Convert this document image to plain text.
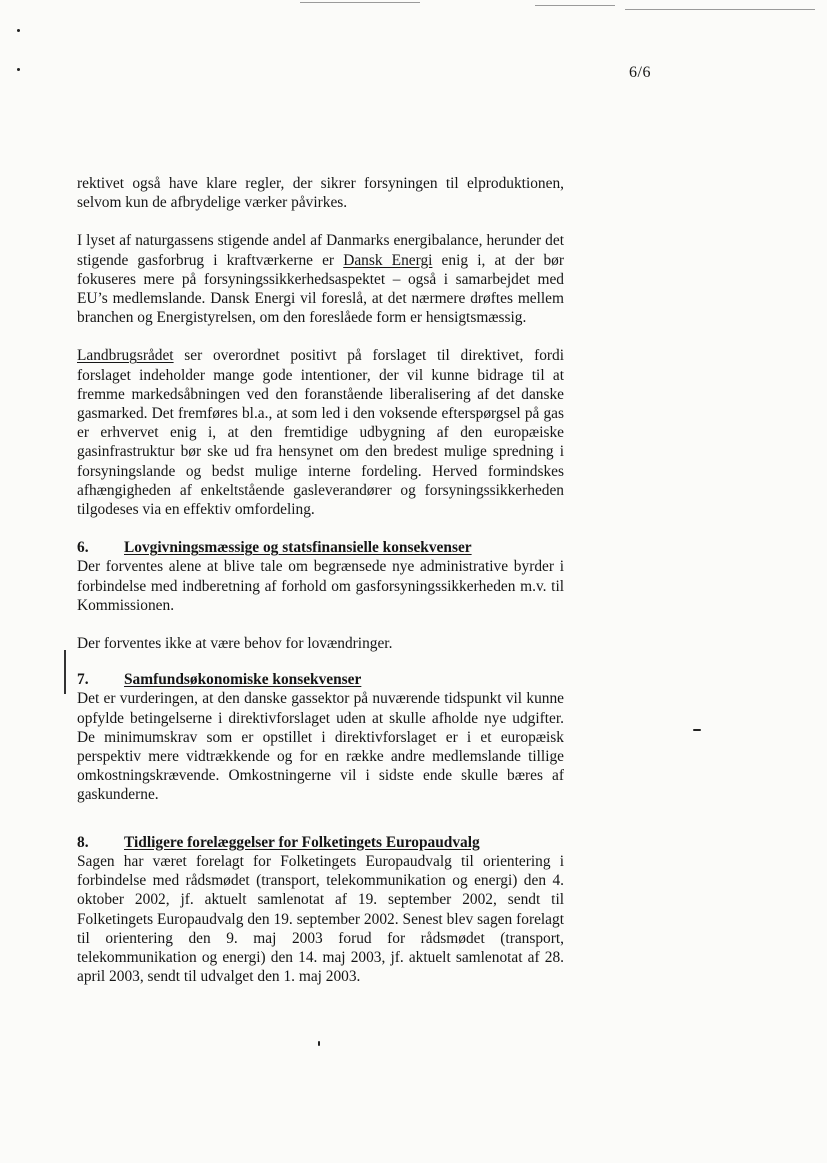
6/6

rektivet også have klare regler, der sikrer forsyningen til elproduktionen, selvom kun de afbrydelige værker påvirkes.

I lyset af naturgassens stigende andel af Danmarks energibalance, herunder det stigende gasforbrug i kraftværkerne er Dansk Energi enig i, at der bør fokuseres mere på forsyningssikkerhedsaspektet – også i samarbejdet med EU’s medlemslande. Dansk Energi vil foreslå, at det nærmere drøftes mellem branchen og Energistyrelsen, om den foreslåede form er hensigtsmæssig.

Landbrugsrådet ser overordnet positivt på forslaget til direktivet, fordi forslaget indeholder mange gode intentioner, der vil kunne bidrage til at fremme markedsåbningen ved den foranstående liberalisering af det danske gasmarked. Det fremføres bl.a., at som led i den voksende efterspørgsel på gas er erhvervet enig i, at den fremtidige udbygning af den europæiske gasinfrastruktur bør ske ud fra hensynet om den bredest mulige spredning i forsyningslande og bedst mulige interne fordeling. Herved formindskes afhængigheden af enkeltstående gasleverandører og forsyningssikkerheden tilgodeses via en effektiv omfordeling.

6.	Lovgivningsmæssige og statsfinansielle konsekvenser

Der forventes alene at blive tale om begrænsede nye administrative byrder i forbindelse med indberetning af forhold om gasforsyningssikkerheden m.v. til Kommissionen.

Der forventes ikke at være behov for lovændringer.

7.	Samfundsøkonomiske konsekvenser

Det er vurderingen, at den danske gassektor på nuværende tidspunkt vil kunne opfylde betingelserne i direktivforslaget uden at skulle afholde nye udgifter. De minimumskrav som er opstillet i direktivforslaget er i et europæisk perspektiv mere vidtrækkende og for en række andre medlemslande tillige omkostningskrævende. Omkostningerne vil i sidste ende skulle bæres af gaskunderne.

8.	Tidligere forelæggelser for Folketingets Europaudvalg

Sagen har været forelagt for Folketingets Europaudvalg til orientering i forbindelse med rådsmødet (transport, telekommunikation og energi) den 4. oktober 2002, jf. aktuelt samlenotat af 19. september 2002, sendt til Folketingets Europaudvalg den 19. september 2002. Senest blev sagen forelagt til orientering den 9. maj 2003 forud for rådsmødet (transport, telekommunikation og energi) den 14. maj 2003, jf. aktuelt samlenotat af 28. april 2003, sendt til udvalget den 1. maj 2003.
